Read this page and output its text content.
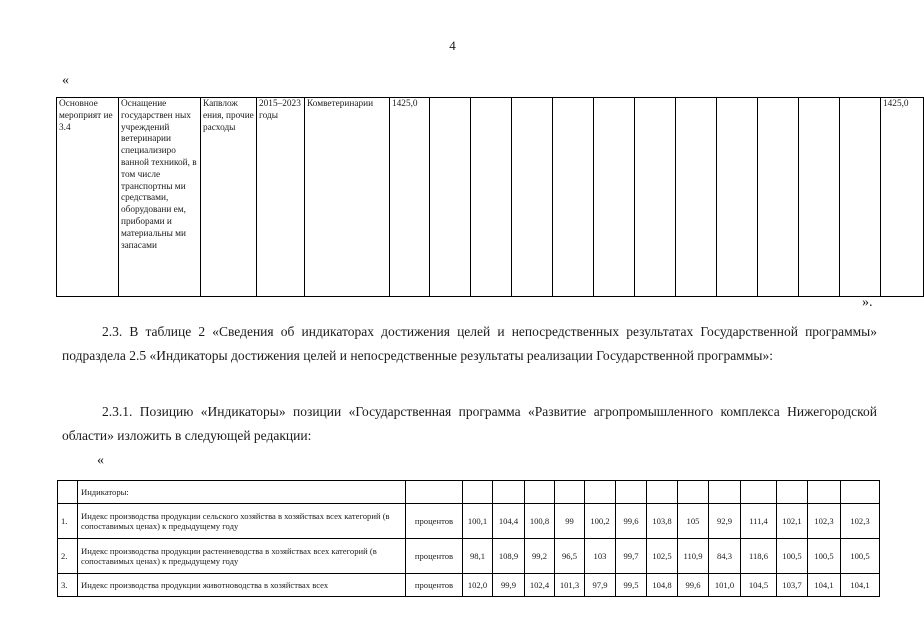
4
«
Основное мероприят ие 3.4	Оснащение государствен ных учреждений ветеринарии специализиро ванной техникой, в том числе транспортны ми средствами, оборудовани ем, приборами и материальны ми запасами	Капвлож ения, прочие расходы	2015–2023 годы	Комветеринарии	1425,0												1425,0
».
2.3. В таблице 2 «Сведения об индикаторах достижения целей и непосредственных результатах Государственной программы» подраздела 2.5 «Индикаторы достижения целей и непосредственные результаты реализации Государственной программы»:
2.3.1. Позицию «Индикаторы» позиции «Государственная программа «Развитие агропромышленного комплекса Нижегородской области» изложить в следующей редакции:
«
	Индикаторы:														
1.	Индекс производства продукции сельского хозяйства в хозяйствах всех категорий (в сопоставимых ценах) к предыдущему году	процентов	100,1	104,4	100,8	99	100,2	99,6	103,8	105	92,9	111,4	102,1	102,3	102,3
2.	Индекс производства продукции растениеводства в хозяйствах всех категорий (в сопоставимых ценах) к предыдущему году	процентов	98,1	108,9	99,2	96,5	103	99,7	102,5	110,9	84,3	118,6	100,5	100,5	100,5
3.	Индекс производства продукции животноводства в хозяйствах всех	процентов	102,0	99,9	102,4	101,3	97,9	99,5	104,8	99,6	101,0	104,5	103,7	104,1	104,1
